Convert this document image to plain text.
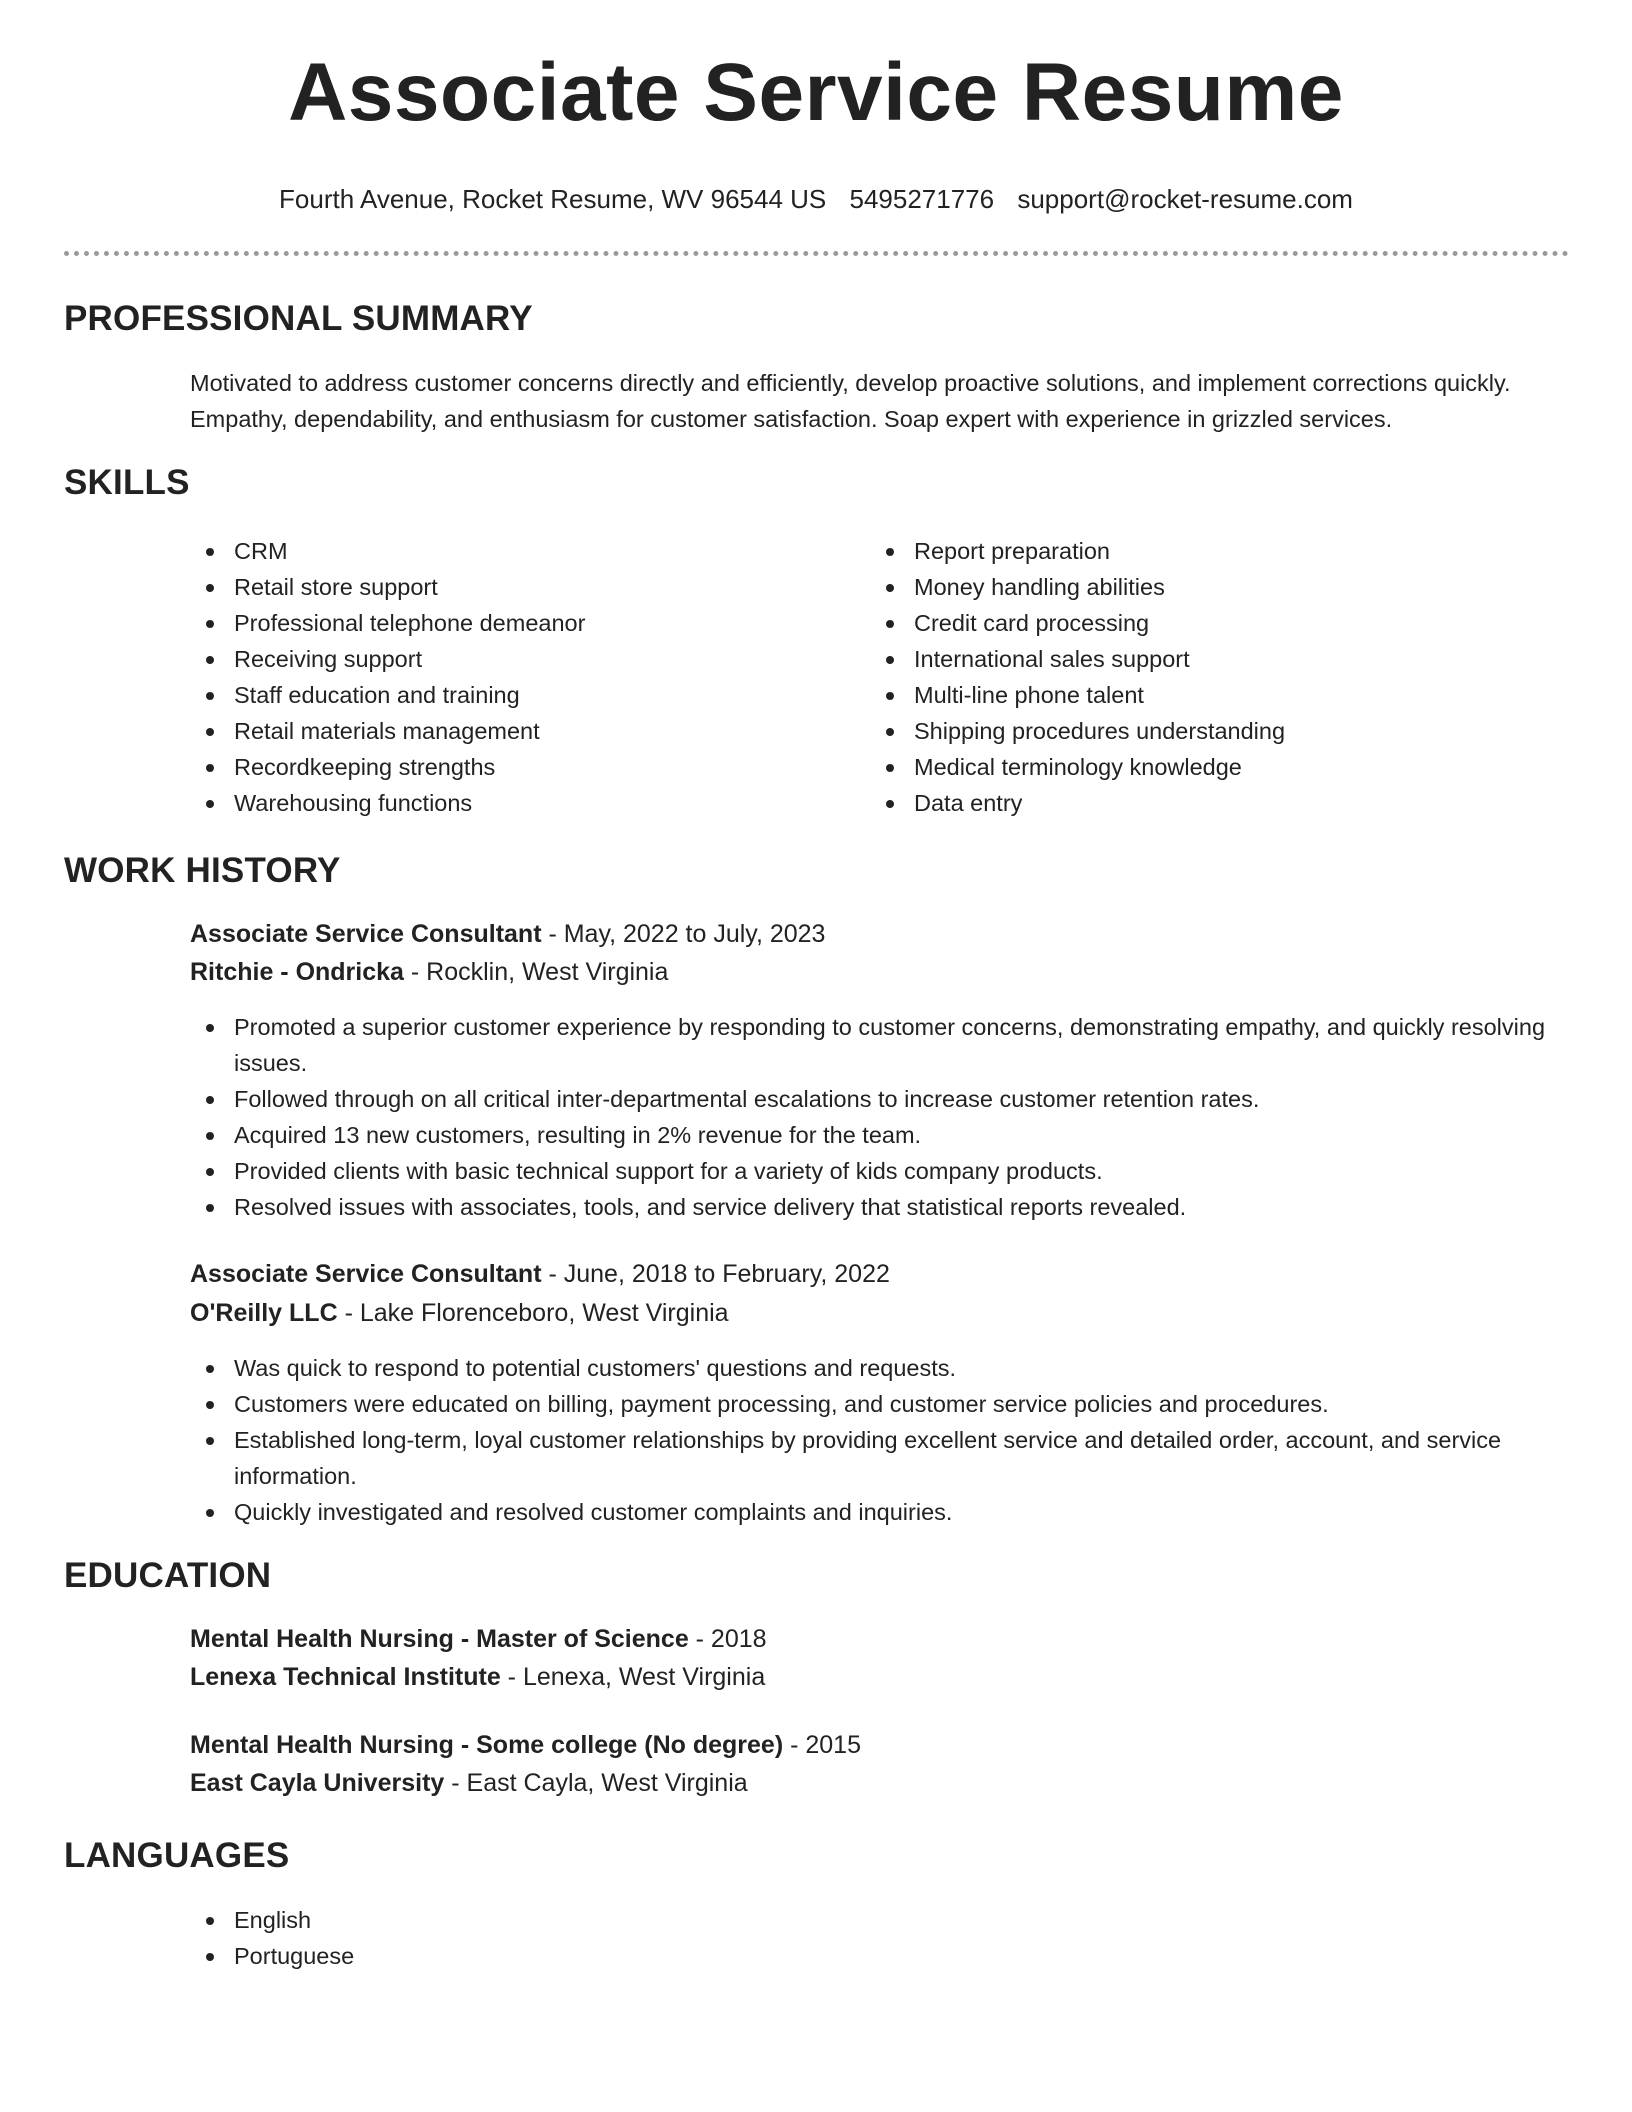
Associate Service Resume
Fourth Avenue, Rocket Resume, WV 96544 US 5495271776 support@rocket-resume.com
PROFESSIONAL SUMMARY

Motivated to address customer concerns directly and efficiently, develop proactive solutions, and implement corrections quickly. Empathy, dependability, and enthusiasm for customer satisfaction. Soap expert with experience in grizzled services.

SKILLS
CRM
Retail store support
Professional telephone demeanor
Receiving support
Staff education and training
Retail materials management
Recordkeeping strengths
Warehousing functions
Report preparation
Money handling abilities
Credit card processing
International sales support
Multi-line phone talent
Shipping procedures understanding
Medical terminology knowledge
Data entry
WORK HISTORY
Associate Service Consultant - May, 2022 to July, 2023
Ritchie - Ondricka - Rocklin, West Virginia
Promoted a superior customer experience by responding to customer concerns, demonstrating empathy, and quickly resolving issues.
Followed through on all critical inter-departmental escalations to increase customer retention rates.
Acquired 13 new customers, resulting in 2% revenue for the team.
Provided clients with basic technical support for a variety of kids company products.
Resolved issues with associates, tools, and service delivery that statistical reports revealed.
Associate Service Consultant - June, 2018 to February, 2022
O'Reilly LLC - Lake Florenceboro, West Virginia
Was quick to respond to potential customers' questions and requests.
Customers were educated on billing, payment processing, and customer service policies and procedures.
Established long-term, loyal customer relationships by providing excellent service and detailed order, account, and service information.
Quickly investigated and resolved customer complaints and inquiries.
EDUCATION
Mental Health Nursing - Master of Science - 2018
Lenexa Technical Institute - Lenexa, West Virginia
Mental Health Nursing - Some college (No degree) - 2015
East Cayla University - East Cayla, West Virginia
LANGUAGES
English
Portuguese
